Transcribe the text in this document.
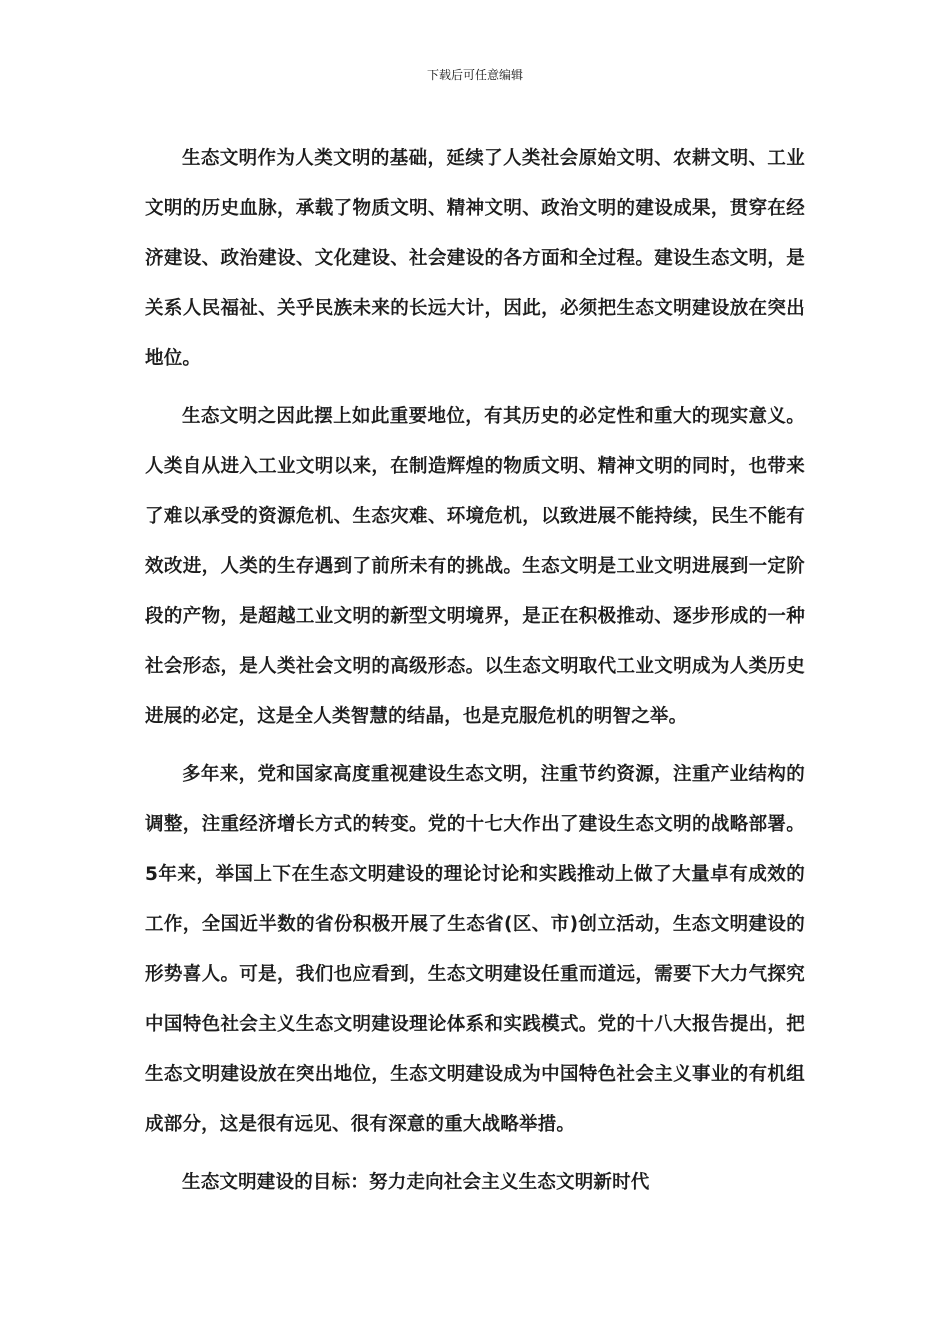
下载后可任意编辑

生态文明作为人类文明的基础，延续了人类社会原始文明、农耕文明、工业文明的历史血脉，承载了物质文明、精神文明、政治文明的建设成果，贯穿在经济建设、政治建设、文化建设、社会建设的各方面和全过程。建设生态文明，是关系人民福祉、关乎民族未来的长远大计，因此，必须把生态文明建设放在突出地位。

生态文明之因此摆上如此重要地位，有其历史的必定性和重大的现实意义。人类自从进入工业文明以来，在制造辉煌的物质文明、精神文明的同时，也带来了难以承受的资源危机、生态灾难、环境危机，以致进展不能持续，民生不能有效改进，人类的生存遇到了前所未有的挑战。生态文明是工业文明进展到一定阶段的产物，是超越工业文明的新型文明境界，是正在积极推动、逐步形成的一种社会形态，是人类社会文明的高级形态。以生态文明取代工业文明成为人类历史进展的必定，这是全人类智慧的结晶，也是克服危机的明智之举。

多年来，党和国家高度重视建设生态文明，注重节约资源，注重产业结构的调整，注重经济增长方式的转变。党的十七大作出了建设生态文明的战略部署。5年来，举国上下在生态文明建设的理论讨论和实践推动上做了大量卓有成效的工作，全国近半数的省份积极开展了生态省(区、市)创立活动，生态文明建设的形势喜人。可是，我们也应看到，生态文明建设任重而道远，需要下大力气探究中国特色社会主义生态文明建设理论体系和实践模式。党的十八大报告提出，把生态文明建设放在突出地位，生态文明建设成为中国特色社会主义事业的有机组成部分，这是很有远见、很有深意的重大战略举措。

生态文明建设的目标：努力走向社会主义生态文明新时代
